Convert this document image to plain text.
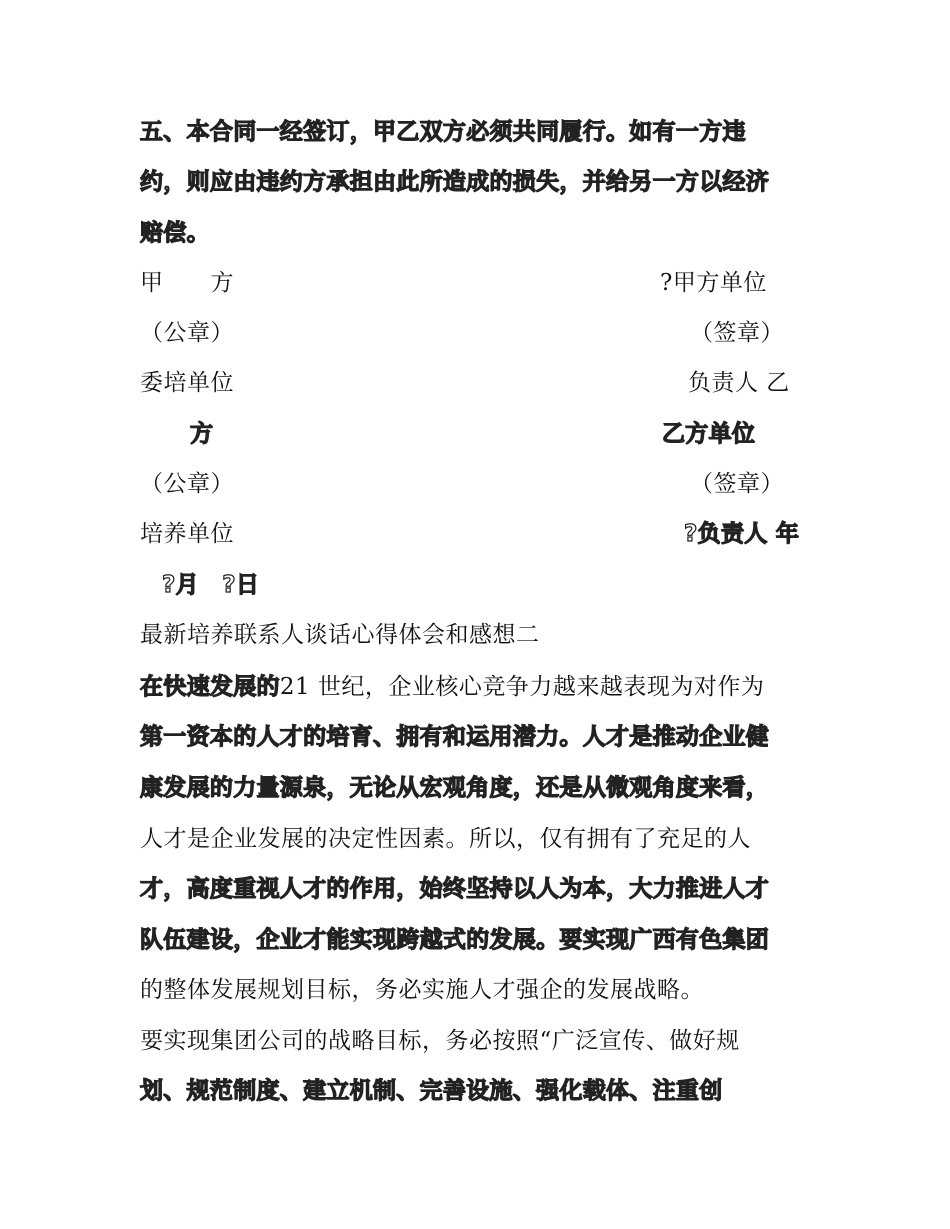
五、本合同一经签订，甲乙双方必须共同履行。如有一方违
约，则应由违约方承担由此所造成的损失，并给另一方以经济
赔偿。
甲　　方	?甲方单位
（公章）	（签章）
委培单位	负责人 乙
方	乙方单位
（公章）	（签章）
培养单位	?负责人 年
?月　?日
最新培养联系人谈话心得体会和感想二
在快速发展的21 世纪，企业核心竞争力越来越表现为对作为
第一资本的人才的培育、拥有和运用潜力。人才是推动企业健
康发展的力量源泉，无论从宏观角度，还是从微观角度来看，
人才是企业发展的决定性因素。所以，仅有拥有了充足的人
才，高度重视人才的作用，始终坚持以人为本，大力推进人才
队伍建设，企业才能实现跨越式的发展。要实现广西有色集团
的整体发展规划目标，务必实施人才强企的发展战略。
要实现集团公司的战略目标，务必按照“广泛宣传、做好规
划、规范制度、建立机制、完善设施、强化载体、注重创
